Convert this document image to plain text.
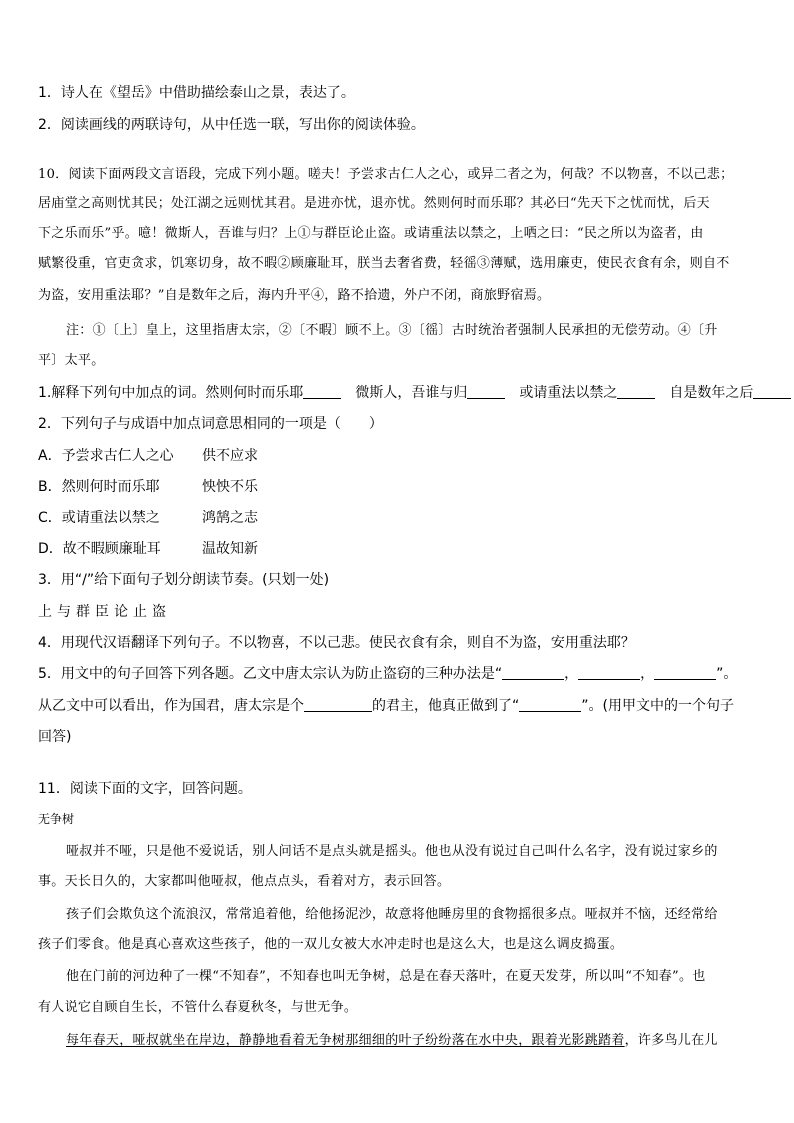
1．诗人在《望岳》中借助描绘泰山之景，表达了。
2．阅读画线的两联诗句，从中任选一联，写出你的阅读体验。
10．阅读下面两段文言语段，完成下列小题。嗟夫！予尝求古仁人之心，或异二者之为，何哉？不以物喜，不以己悲；
居庙堂之高则忧其民；处江湖之远则忧其君。是进亦忧，退亦忧。然则何时而乐耶？其必曰“先天下之忧而忧，后天
下之乐而乐”乎。噫！微斯人，吾谁与归？上①与群臣论止盗。或请重法以禁之，上哂之曰：“民之所以为盗者，由
赋繁役重，官吏贪求，饥寒切身，故不暇②顾廉耻耳，朕当去奢省费，轻徭③薄赋，选用廉吏，使民衣食有余，则自不
为盗，安用重法耶？”自是数年之后，海内升平④，路不拾遗，外户不闭，商旅野宿焉。
注：①〔上〕皇上，这里指唐太宗，②〔不暇〕顾不上。③〔徭〕古时统治者强制人民承担的无偿劳动。④〔升
平〕太平。
1.解释下列句中加点的词。然则何时而乐耶　	微斯人，吾谁与归　	或请重法以禁之　	自是数年之后
2．下列句子与成语中加点词意思相同的一项是（　　）
A．予尝求古仁人之心 供不应求
B．然则何时而乐耶	怏怏不乐
C．或请重法以禁之	鸿鹄之志
D．故不暇顾廉耻耳	温故知新
3．用“/”给下面句子划分朗读节奏。(只划一处)
上与群臣论止盗
4．用现代汉语翻译下列句子。不以物喜，不以己悲。使民衣食有余，则自不为盗，安用重法耶？
5．用文中的句子回答下列各题。乙文中唐太宗认为防止盗窃的三种办法是“	，	，	”。
从乙文中可以看出，作为国君，唐太宗是个	的君主，他真正做到了“	”。(用甲文中的一个句子
回答)
11．阅读下面的文字，回答问题。
无争树
哑叔并不哑，只是他不爱说话，别人问话不是点头就是摇头。他也从没有说过自己叫什么名字，没有说过家乡的
事。天长日久的，大家都叫他哑叔，他点点头，看着对方，表示回答。
孩子们会欺负这个流浪汉，常常追着他，给他扬泥沙，故意将他睡房里的食物摇很多点。哑叔并不恼，还经常给
孩子们零食。他是真心喜欢这些孩子，他的一双儿女被大水冲走时也是这么大，也是这么调皮捣蛋。
他在门前的河边种了一棵“不知春”，不知春也叫无争树，总是在春天落叶，在夏天发芽，所以叫“不知春”。也
有人说它自顾自生长，不管什么春夏秋冬，与世无争。
每年春天，哑叔就坐在岸边，静静地看着无争树那细细的叶子纷纷落在水中央，跟着光影跳踏着，许多鸟儿在儿
